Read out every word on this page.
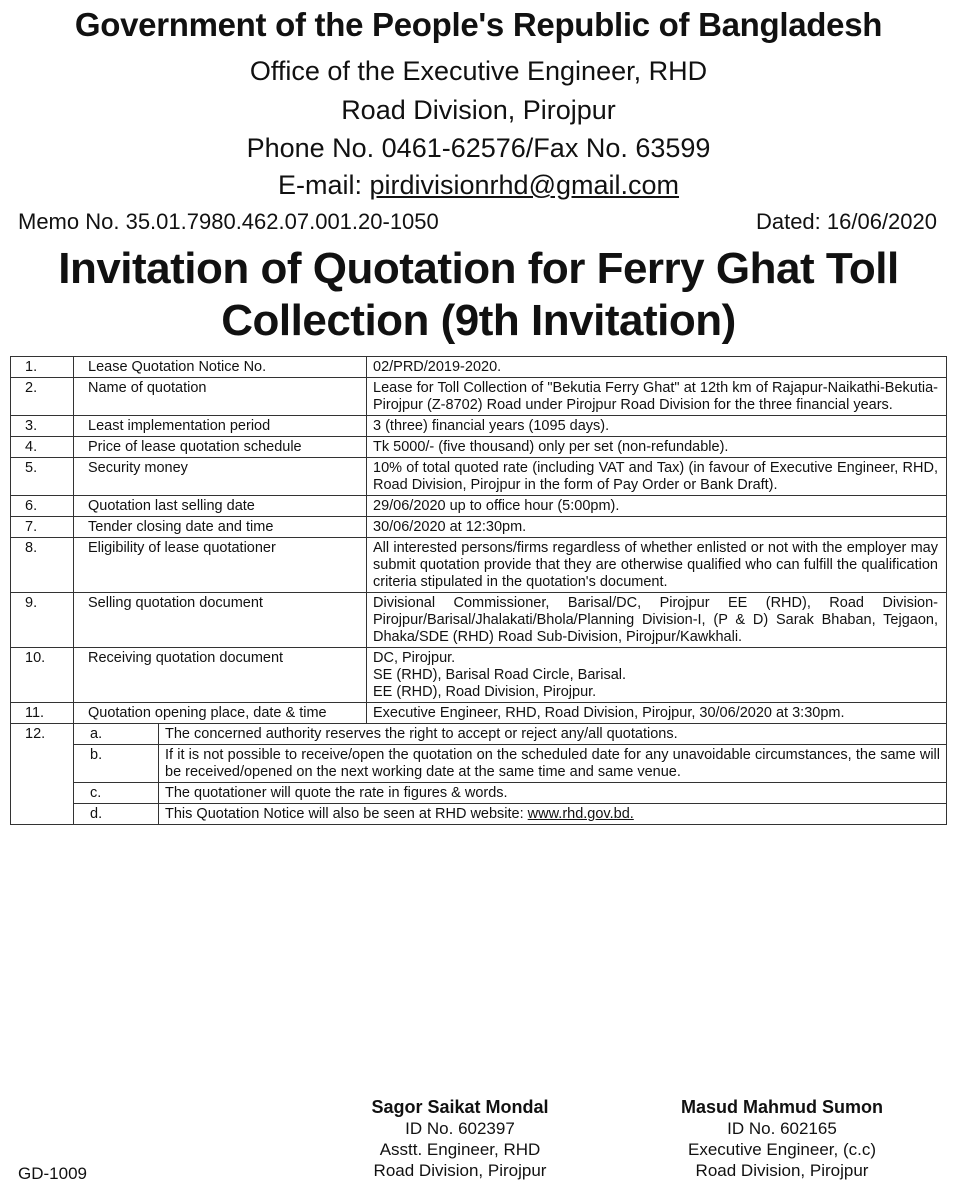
Government of the People's Republic of Bangladesh
Office of the Executive Engineer, RHD
Road Division, Pirojpur
Phone No. 0461-62576/Fax No. 63599
E-mail: pirdivisionrhd@gmail.com
Memo No. 35.01.7980.462.07.001.20-1050	Dated: 16/06/2020
Invitation of Quotation for Ferry Ghat Toll
Collection (9th Invitation)
1.	Lease Quotation Notice No.	02/PRD/2019-2020.
2.	Name of quotation	Lease for Toll Collection of "Bekutia Ferry Ghat" at 12th km of Rajapur-Naikathi-Bekutia-Pirojpur (Z-8702) Road under Pirojpur Road Division for the three financial years.
3.	Least implementation period	3 (three) financial years (1095 days).
4.	Price of lease quotation schedule	Tk 5000/- (five thousand) only per set (non-refundable).
5.	Security money	10% of total quoted rate (including VAT and Tax) (in favour of Executive Engineer, RHD, Road Division, Pirojpur in the form of Pay Order or Bank Draft).
6.	Quotation last selling date	29/06/2020 up to office hour (5:00pm).
7.	Tender closing date and time	30/06/2020 at 12:30pm.
8.	Eligibility of lease quotationer	All interested persons/firms regardless of whether enlisted or not with the employer may submit quotation provide that they are otherwise qualified who can fulfill the qualification criteria stipulated in the quotation's document.
9.	Selling quotation document	Divisional Commissioner, Barisal/DC, Pirojpur EE (RHD), Road Division-Pirojpur/Barisal/Jhalakati/Bhola/Planning Division-I, (P & D) Sarak Bhaban, Tejgaon, Dhaka/SDE (RHD) Road Sub-Division, Pirojpur/Kawkhali.
10.	Receiving quotation document	DC, Pirojpur.
SE (RHD), Barisal Road Circle, Barisal.
EE (RHD), Road Division, Pirojpur.

11.	Quotation opening place, date & time	Executive Engineer, RHD, Road Division, Pirojpur, 30/06/2020 at 3:30pm.
12.		a.	The concerned authority reserves the right to accept or reject any/all quotations.
b.	If it is not possible to receive/open the quotation on the scheduled date for any unavoidable circumstances, the same will be received/opened on the next working date at the same time and same venue.
c.	The quotationer will quote the rate in figures & words.
d.	This Quotation Notice will also be seen at RHD website: www.rhd.gov.bd.
Sagor Saikat Mondal
ID No. 602397
Asstt. Engineer, RHD
Road Division, Pirojpur
Masud Mahmud Sumon
ID No. 602165
Executive Engineer, (c.c)
Road Division, Pirojpur
GD-1009
